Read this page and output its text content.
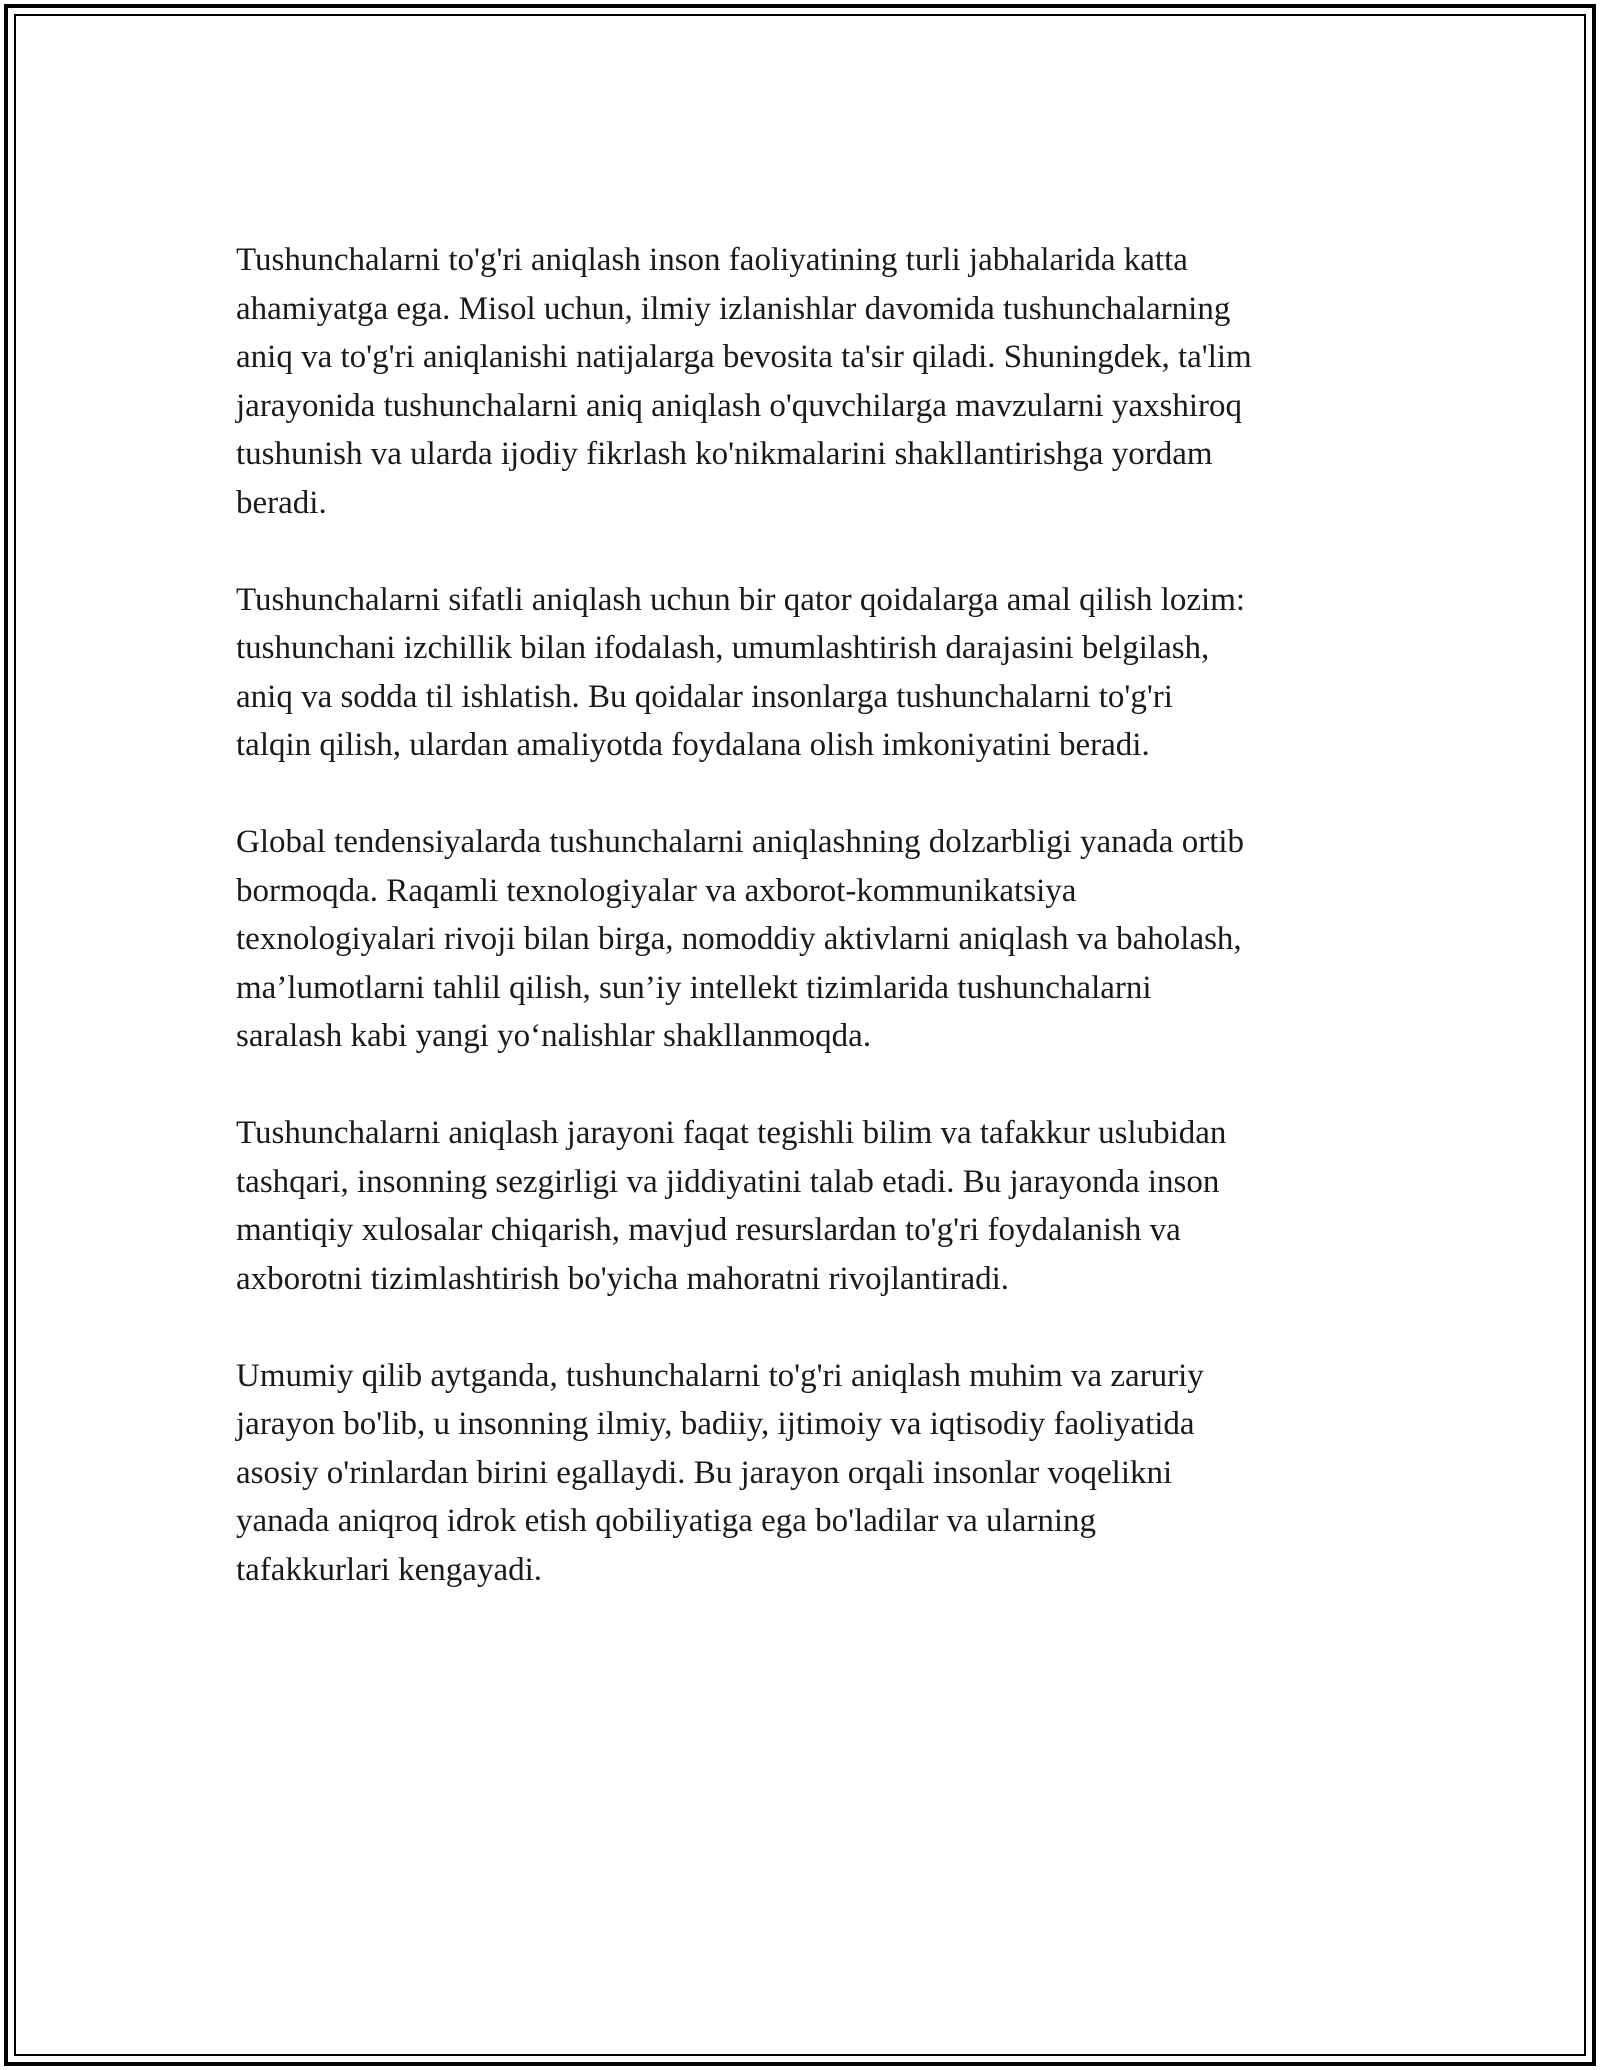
Tushunchalarni to'g'ri aniqlash inson faoliyatining turli jabhalarida katta
ahamiyatga ega. Misol uchun, ilmiy izlanishlar davomida tushunchalarning
aniq va to'g'ri aniqlanishi natijalarga bevosita ta'sir qiladi. Shuningdek, ta'lim
jarayonida tushunchalarni aniq aniqlash o'quvchilarga mavzularni yaxshiroq
tushunish va ularda ijodiy fikrlash ko'nikmalarini shakllantirishga yordam
beradi.

Tushunchalarni sifatli aniqlash uchun bir qator qoidalarga amal qilish lozim:
tushunchani izchillik bilan ifodalash, umumlashtirish darajasini belgilash,
aniq va sodda til ishlatish. Bu qoidalar insonlarga tushunchalarni to'g'ri
talqin qilish, ulardan amaliyotda foydalana olish imkoniyatini beradi.

Global tendensiyalarda tushunchalarni aniqlashning dolzarbligi yanada ortib
bormoqda. Raqamli texnologiyalar va axborot-kommunikatsiya
texnologiyalari rivoji bilan birga, nomoddiy aktivlarni aniqlash va baholash,
ma’lumotlarni tahlil qilish, sun’iy intellekt tizimlarida tushunchalarni
saralash kabi yangi yo‘nalishlar shakllanmoqda.

Tushunchalarni aniqlash jarayoni faqat tegishli bilim va tafakkur uslubidan
tashqari, insonning sezgirligi va jiddiyatini talab etadi. Bu jarayonda inson
mantiqiy xulosalar chiqarish, mavjud resurslardan to'g'ri foydalanish va
axborotni tizimlashtirish bo'yicha mahoratni rivojlantiradi.

Umumiy qilib aytganda, tushunchalarni to'g'ri aniqlash muhim va zaruriy
jarayon bo'lib, u insonning ilmiy, badiiy, ijtimoiy va iqtisodiy faoliyatida
asosiy o'rinlardan birini egallaydi. Bu jarayon orqali insonlar voqelikni
yanada aniqroq idrok etish qobiliyatiga ega bo'ladilar va ularning
tafakkurlari kengayadi.
